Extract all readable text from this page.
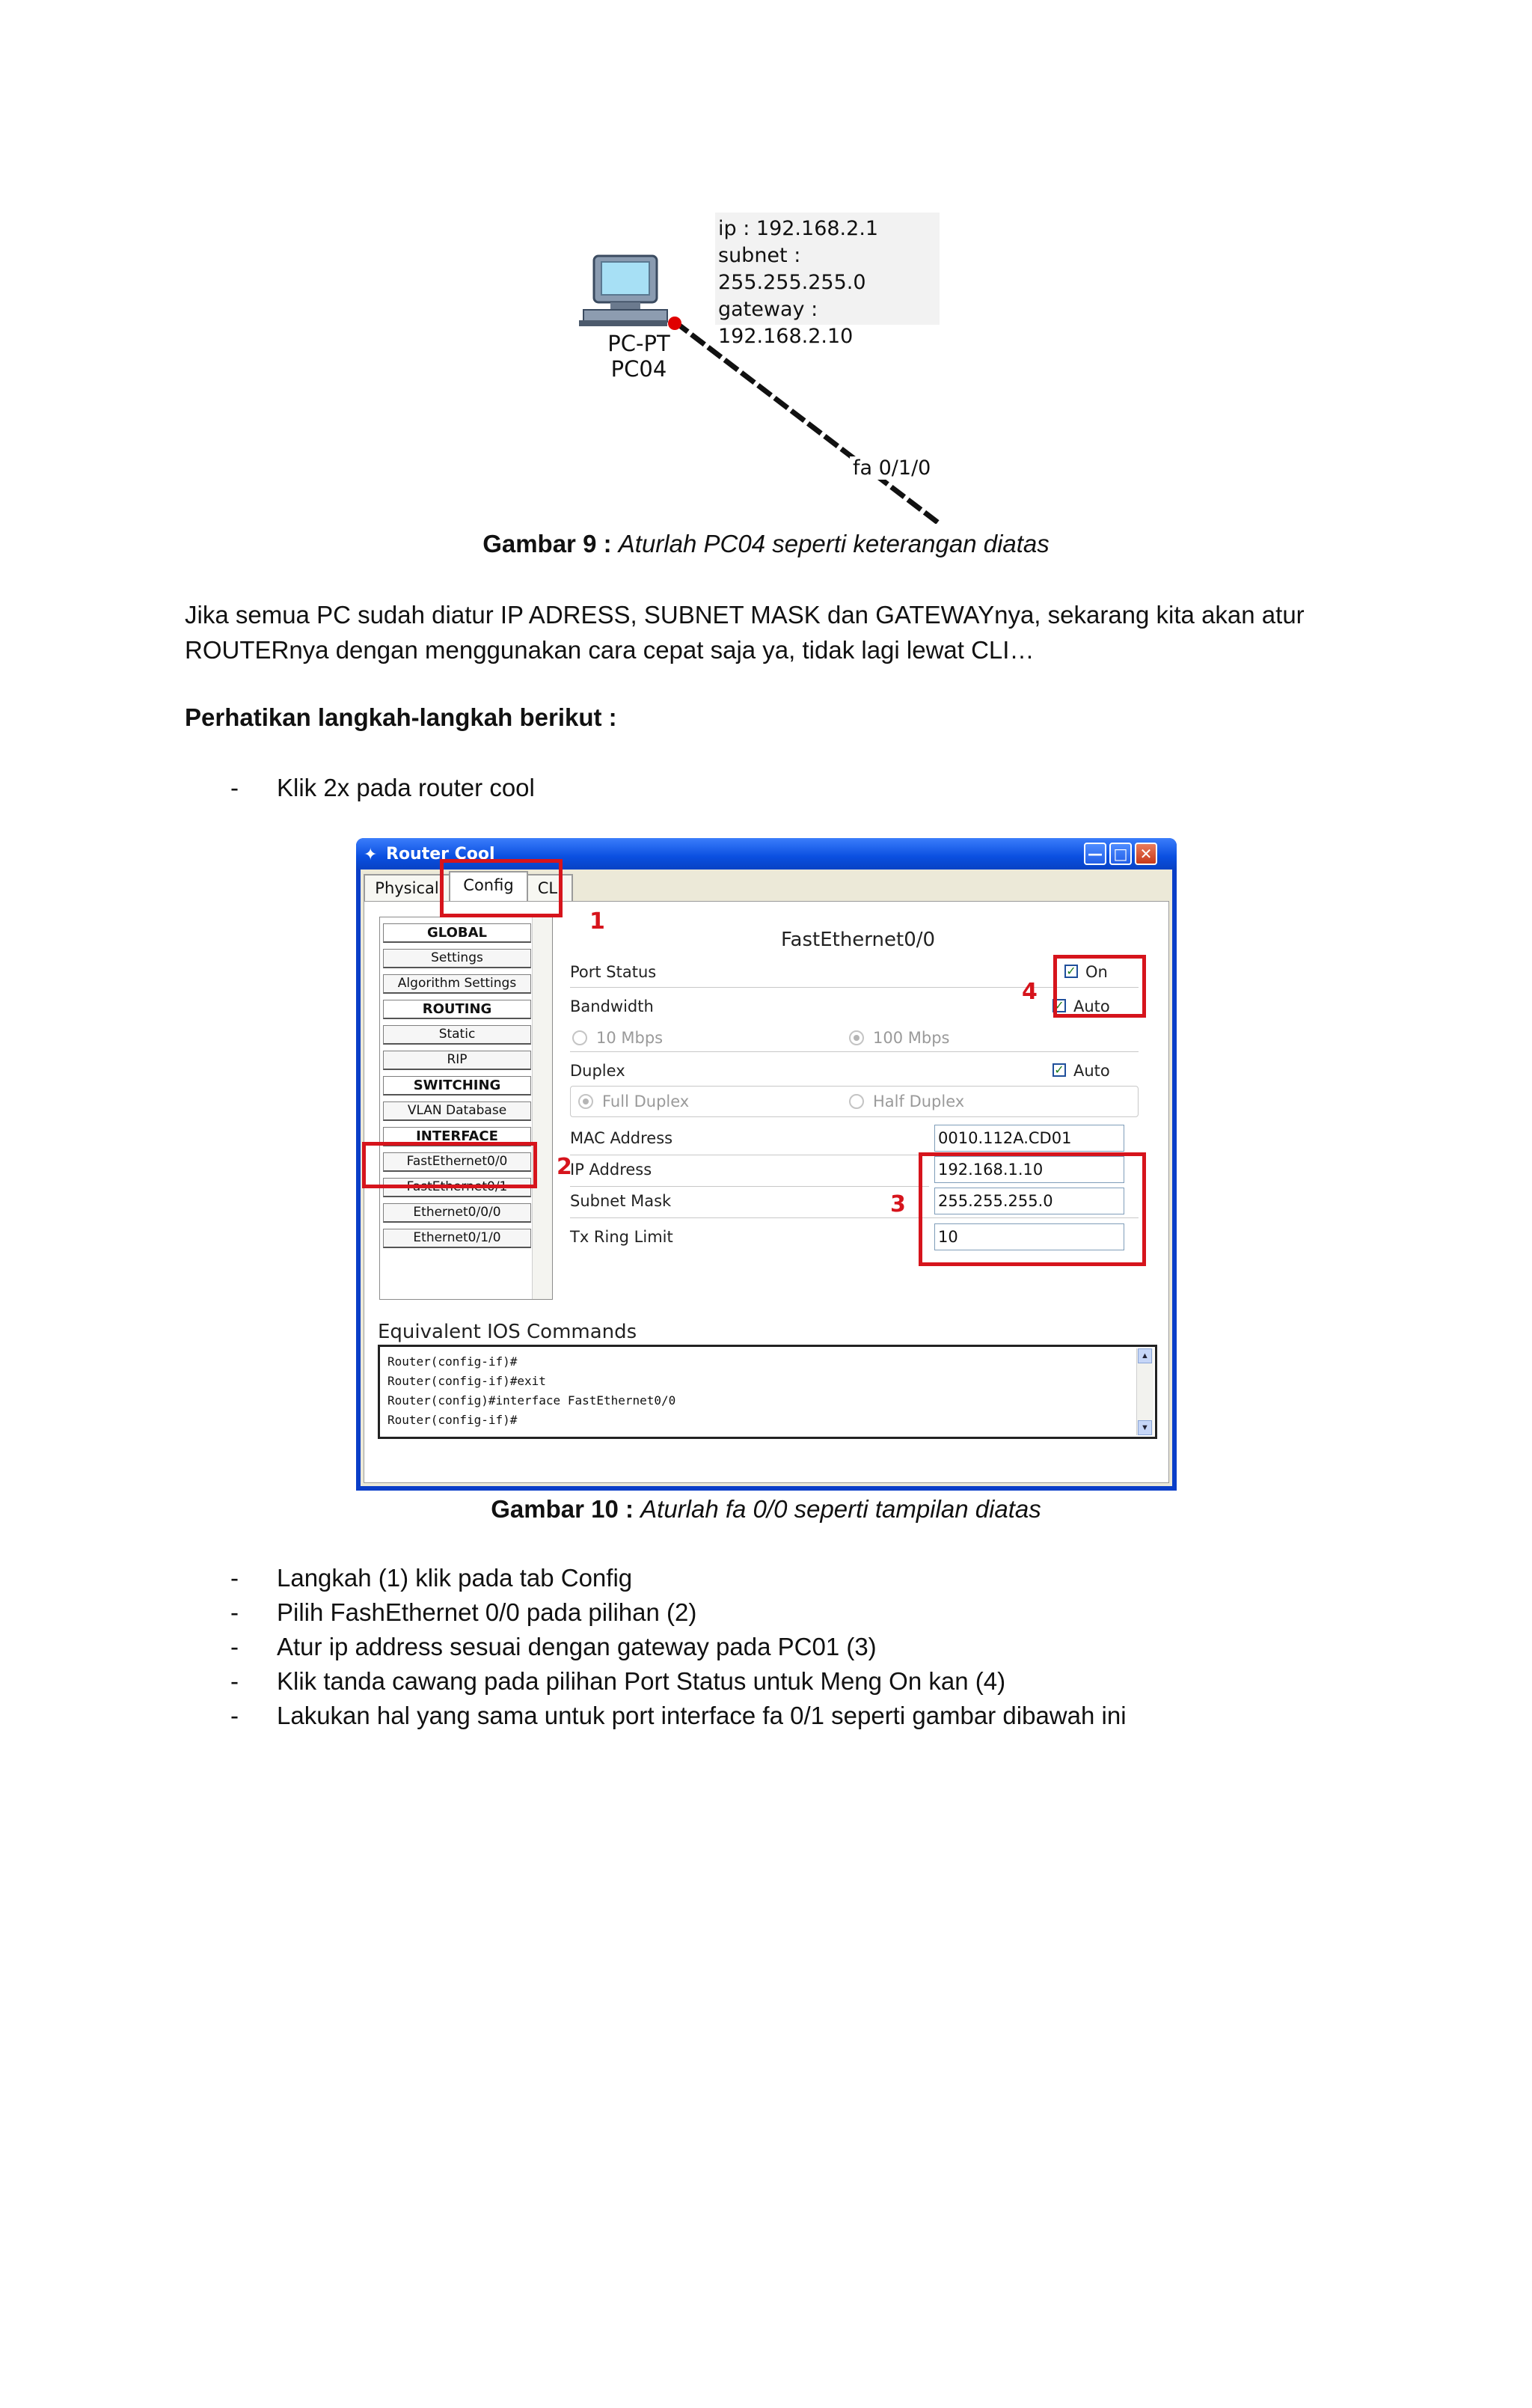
ip : 192.168.2.1
subnet : 255.255.255.0
gateway : 192.168.2.10
PC-PT
PC04
fa 0/1/0
Gambar 9 : Aturlah PC04 seperti keterangan diatas
Jika semua PC sudah diatur IP ADRESS, SUBNET MASK dan GATEWAYnya, sekarang kita akan atur
ROUTERnya dengan menggunakan cara cepat saja ya, tidak lagi lewat CLI…
Perhatikan langkah-langkah berikut :
- Klik 2x pada router cool
✦ Router Cool	— □ ✕
Physical	Config	CLI
GLOBAL
Settings
Algorithm Settings
ROUTING
Static
RIP
SWITCHING
VLAN Database
INTERFACE
FastEthernet0/0
FastEthernet0/1
Ethernet0/0/0
Ethernet0/1/0
FastEthernet0/0
Port Status	✓ On
Bandwidth	✓ Auto
10 Mbps	100 Mbps
Duplex	✓ Auto
Full Duplex	Half Duplex
MAC Address	0010.112A.CD01
IP Address	192.168.1.10
Subnet Mask	255.255.255.0
Tx Ring Limit	10
Equivalent IOS Commands
Router(config-if)#
Router(config-if)#exit
Router(config)#interface FastEthernet0/0
Router(config-if)#
▲
▼
1
2
3
4
Gambar 10 : Aturlah fa 0/0 seperti tampilan diatas
- Langkah (1) klik pada tab Config
- Pilih FashEthernet 0/0 pada pilihan (2)
- Atur ip address sesuai dengan gateway pada PC01 (3)
- Klik tanda cawang pada pilihan Port Status untuk Meng On kan (4)
- Lakukan hal yang sama untuk port interface fa 0/1 seperti gambar dibawah ini
